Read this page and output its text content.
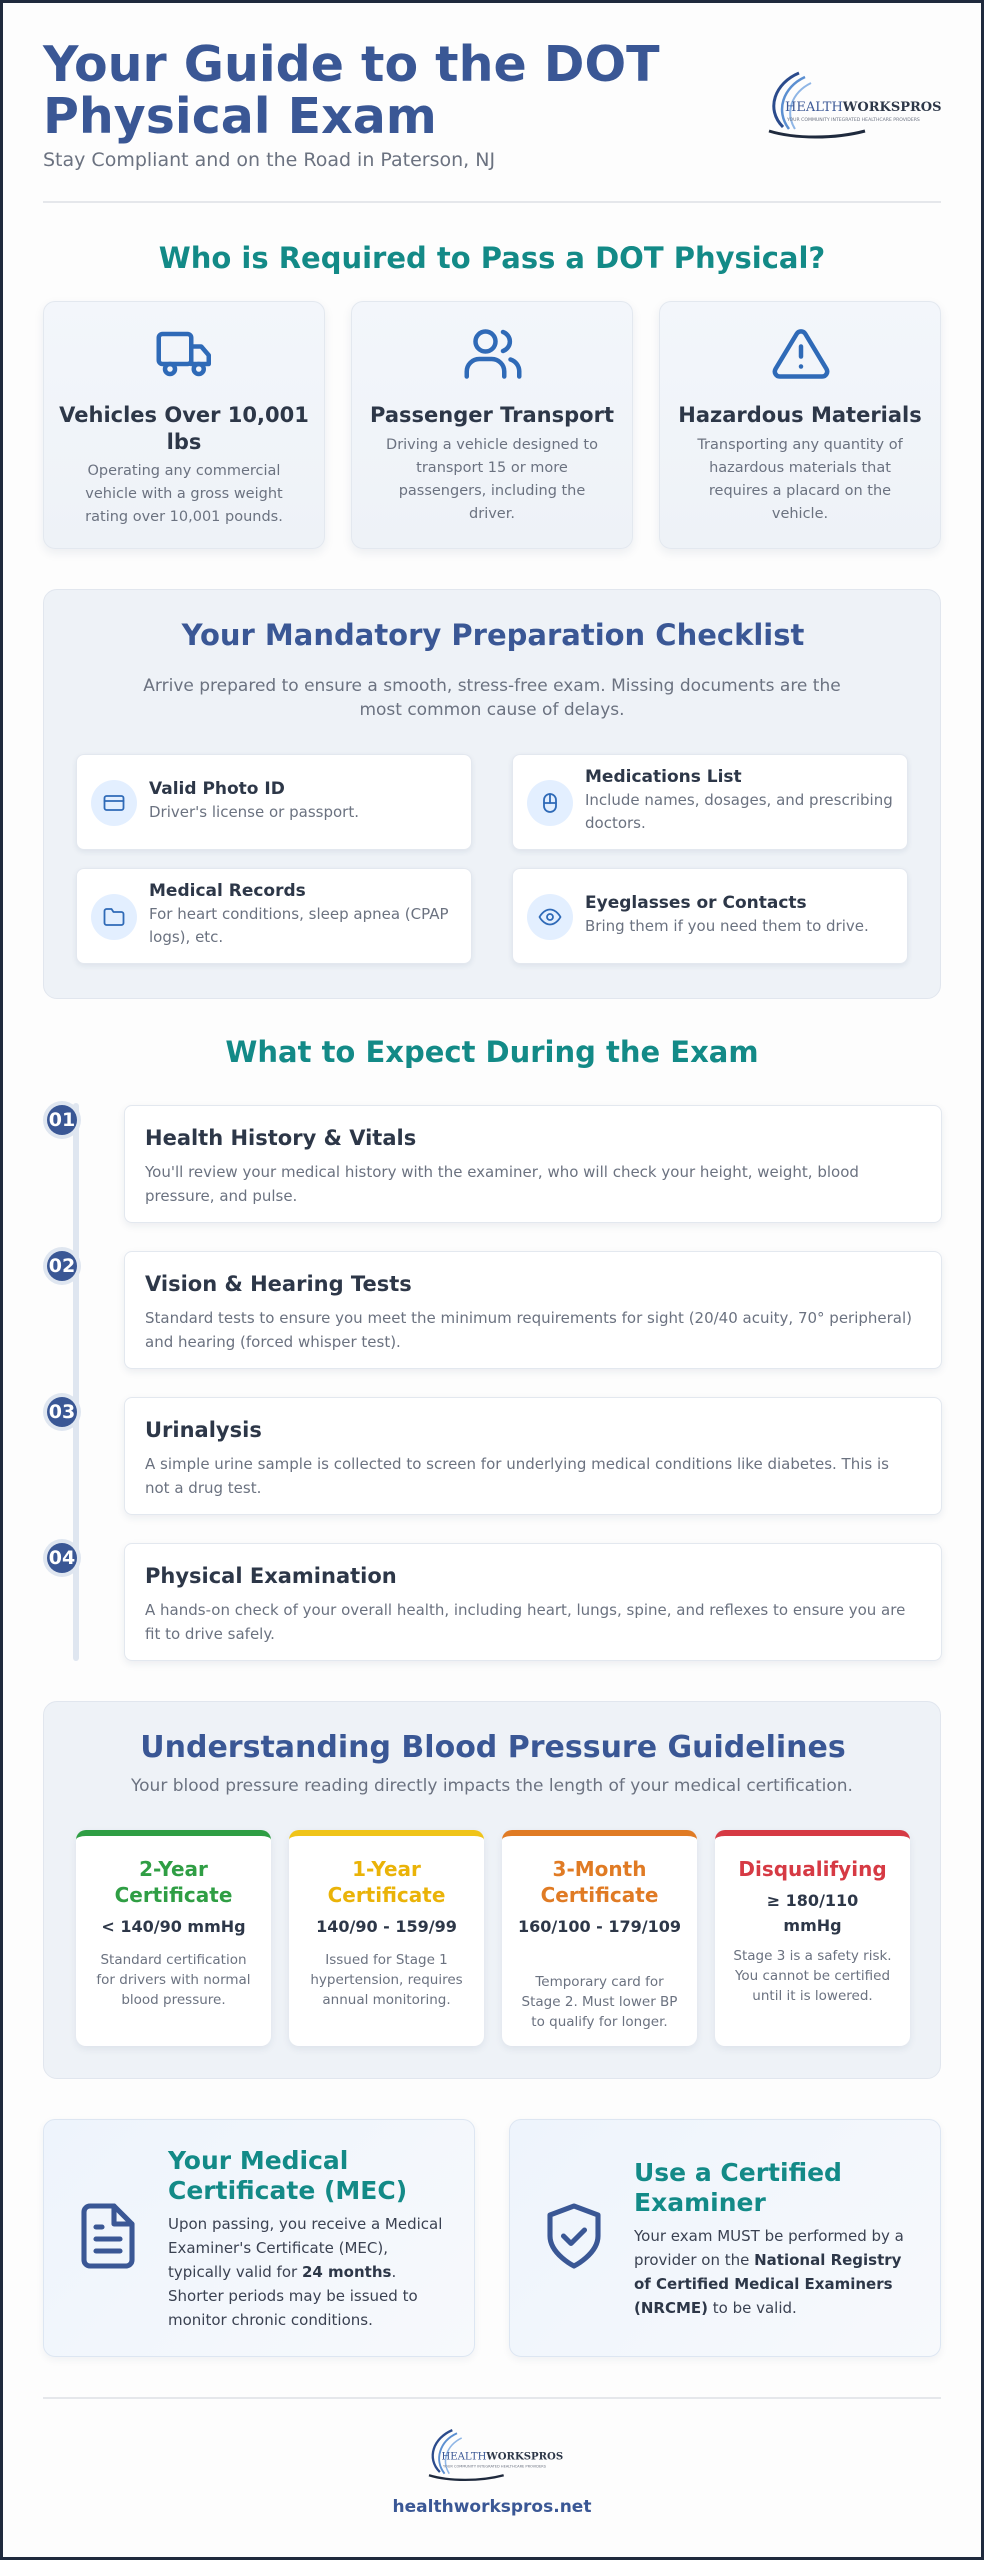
Your Guide to the DOT Physical Exam
Stay Compliant and on the Road in Paterson, NJ
HEALTHWORKSPROS
YOUR COMMUNITY INTEGRATED HEALTHCARE PROVIDERS
Who is Required to Pass a DOT Physical?
Vehicles Over 10,001 lbs
Operating any commercial vehicle with a gross weight rating over 10,001 pounds.
Passenger Transport
Driving a vehicle designed to transport 15 or more passengers, including the driver.
Hazardous Materials
Transporting any quantity of hazardous materials that requires a placard on the vehicle.
Your Mandatory Preparation Checklist
Arrive prepared to ensure a smooth, stress-free exam. Missing documents are the most common cause of delays.
Valid Photo ID
Driver's license or passport.
Medications List
Include names, dosages, and prescribing doctors.
Medical Records
For heart conditions, sleep apnea (CPAP logs), etc.
Eyeglasses or Contacts
Bring them if you need them to drive.
What to Expect During the Exam
01
Health History & Vitals
You'll review your medical history with the examiner, who will check your height, weight, blood pressure, and pulse.
02
Vision & Hearing Tests
Standard tests to ensure you meet the minimum requirements for sight (20/40 acuity, 70° peripheral) and hearing (forced whisper test).
03
Urinalysis
A simple urine sample is collected to screen for underlying medical conditions like diabetes. This is not a drug test.
04
Physical Examination
A hands-on check of your overall health, including heart, lungs, spine, and reflexes to ensure you are fit to drive safely.
Understanding Blood Pressure Guidelines
Your blood pressure reading directly impacts the length of your medical certification.
2-Year Certificate
< 140/90 mmHg
Standard certification for drivers with normal blood pressure.
1-Year Certificate
140/90 - 159/99
Issued for Stage 1 hypertension, requires annual monitoring.
3-Month Certificate
160/100 - 179/109
Temporary card for Stage 2. Must lower BP to qualify for longer.
Disqualifying
≥ 180/110 mmHg
Stage 3 is a safety risk. You cannot be certified until it is lowered.
Your Medical Certificate (MEC)
Upon passing, you receive a Medical Examiner's Certificate (MEC), typically valid for 24 months. Shorter periods may be issued to monitor chronic conditions.
Use a Certified Examiner
Your exam MUST be performed by a provider on the National Registry of Certified Medical Examiners (NRCME) to be valid.
HEALTHWORKSPROS
YOUR COMMUNITY INTEGRATED HEALTHCARE PROVIDERS
healthworkspros.net
